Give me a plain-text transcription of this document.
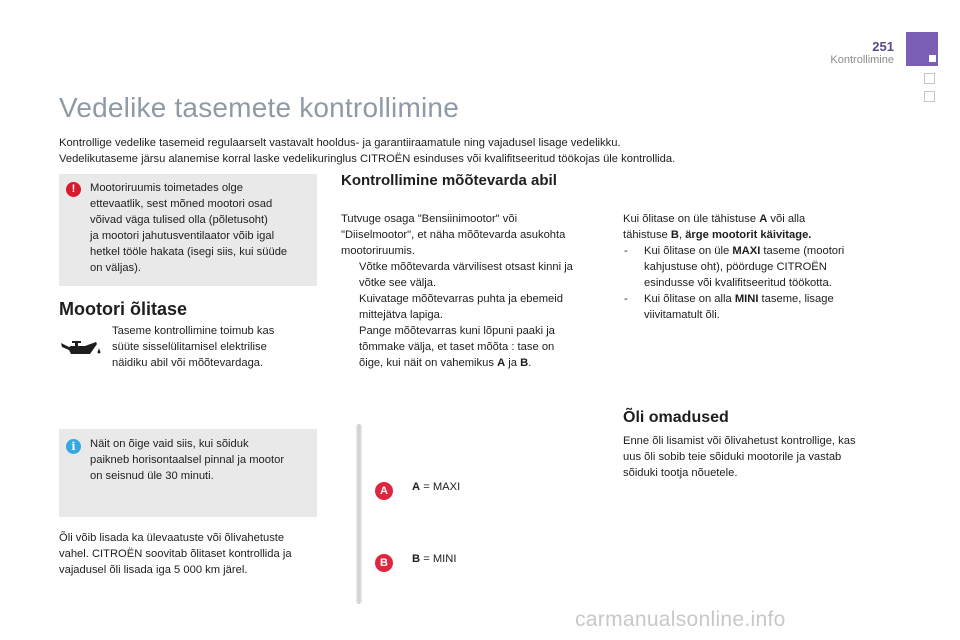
251
Kontrollimine
Vedelike tasemete kontrollimine
Kontrollige vedelike tasemeid regulaarselt vastavalt hooldus- ja garantiiraamatule ning vajadusel lisage vedelikku.
Vedelikutaseme järsu alanemise korral laske vedelikuringlus CITROËN esinduses või kvalifitseeritud töökojas üle kontrollida.
!	Mootoriruumis toimetades olge
ettevaatlik, sest mõned mootori osad
võivad väga tulised olla (põletusoht)
ja mootori jahutusventilaator võib igal
hetkel tööle hakata (isegi siis, kui süüde
on väljas).
Mootori õlitase
Taseme kontrollimine toimub kas
süüte sisselülitamisel elektrilise
näidiku abil või mõõtevardaga.
i	Näit on õige vaid siis, kui sõiduk
paikneb horisontaalsel pinnal ja mootor
on seisnud üle 30 minuti.
Õli võib lisada ka ülevaatuste või õlivahetuste
vahel. CITROËN soovitab õlitaset kontrollida ja
vajadusel õli lisada iga 5 000 km järel.
Kontrollimine mõõtevarda abil
Tutvuge osaga "Bensiinimootor" või
"Diiselmootor", et näha mõõtevarda asukohta
mootoriruumis.
Võtke mõõtevarda värvilisest otsast kinni ja
võtke see välja.
Kuivatage mõõtevarras puhta ja ebemeid
mittejätva lapiga.
Pange mõõtevarras kuni lõpuni paaki ja
tõmmake välja, et taset mõõta : tase on
õige, kui näit on vahemikus A ja B.
A
B
A = MAXI
B = MINI
Kui õlitase on üle tähistuse A või alla
tähistuse B, ärge mootorit käivitage.
- Kui õlitase on üle MAXI taseme (mootori
kahjustuse oht), pöörduge CITROËN
esindusse või kvalifitseeritud töökotta.
- Kui õlitase on alla MINI taseme, lisage
viivitamatult õli.
Õli omadused
Enne õli lisamist või õlivahetust kontrollige, kas
uus õli sobib teie sõiduki mootorile ja vastab
sõiduki tootja nõuetele.
carmanualsonline.info
